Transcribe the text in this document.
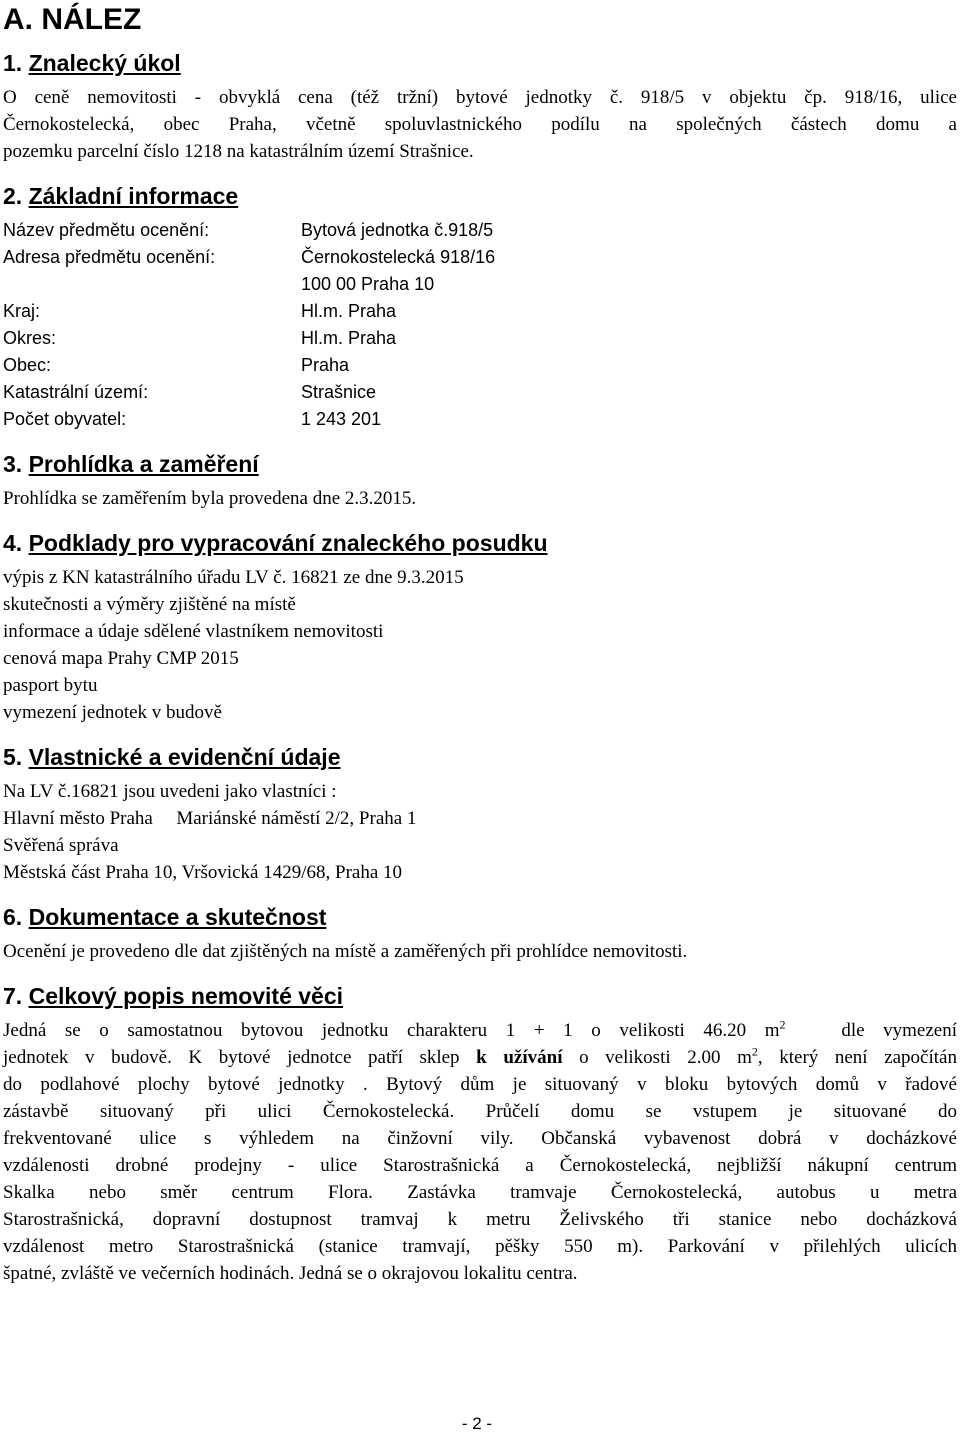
A. NÁLEZ
1. Znalecký úkol
O ceně nemovitosti - obvyklá cena (též tržní) bytové jednotky č. 918/5 v objektu čp. 918/16, ulice
Černokostelecká, obec Praha, včetně spoluvlastnického podílu na společných částech domu a
pozemku parcelní číslo 1218 na katastrálním území Strašnice.
2. Základní informace
Název předmětu ocenění:	Bytová jednotka č.918/5
Adresa předmětu ocenění:	Černokostelecká 918/16
100 00 Praha 10
Kraj:	Hl.m. Praha
Okres:	Hl.m. Praha
Obec:	Praha
Katastrální území:	Strašnice
Počet obyvatel:	1 243 201
3. Prohlídka a zaměření
Prohlídka se zaměřením byla provedena dne 2.3.2015.
4. Podklady pro vypracování znaleckého posudku
výpis z KN katastrálního úřadu LV č. 16821 ze dne 9.3.2015
skutečnosti a výměry zjištěné na místě
informace a údaje sdělené vlastníkem nemovitosti
cenová mapa Prahy CMP 2015
pasport bytu
vymezení jednotek v budově
5. Vlastnické a evidenční údaje
Na LV č.16821 jsou uvedeni jako vlastníci :
Hlavní město Praha Mariánské náměstí 2/2, Praha 1
Svěřená správa
Městská část Praha 10, Vršovická 1429/68, Praha 10
6. Dokumentace a skutečnost
Ocenění je provedeno dle dat zjištěných na místě a zaměřených při prohlídce nemovitosti.
7. Celkový popis nemovité věci
Jedná se o samostatnou bytovou jednotku charakteru 1 + 1 o velikosti 46.20 $m^2$   dle vymezení
jednotek v budově. K bytové jednotce patří sklep k užívání o velikosti 2.00 $m^2$, který není započítán
do podlahové plochy bytové jednotky . Bytový dům je situovaný v bloku bytových domů v řadové
zástavbě situovaný při ulici Černokostelecká. Průčelí domu se vstupem je situované do
frekventované ulice s výhledem na činžovní vily. Občanská vybavenost dobrá v docházkové
vzdálenosti drobné prodejny - ulice Starostrašnická a Černokostelecká, nejbližší nákupní centrum
Skalka nebo směr centrum Flora. Zastávka tramvaje Černokostelecká, autobus u metra
Starostrašnická, dopravní dostupnost tramvaj k metru Želivského tři stanice nebo docházková
vzdálenost metro Starostrašnická (stanice tramvají, pěšky 550 m). Parkování v přilehlých ulicích
špatné, zvláště ve večerních hodinách. Jedná se o okrajovou lokalitu centra.
- 2 -
